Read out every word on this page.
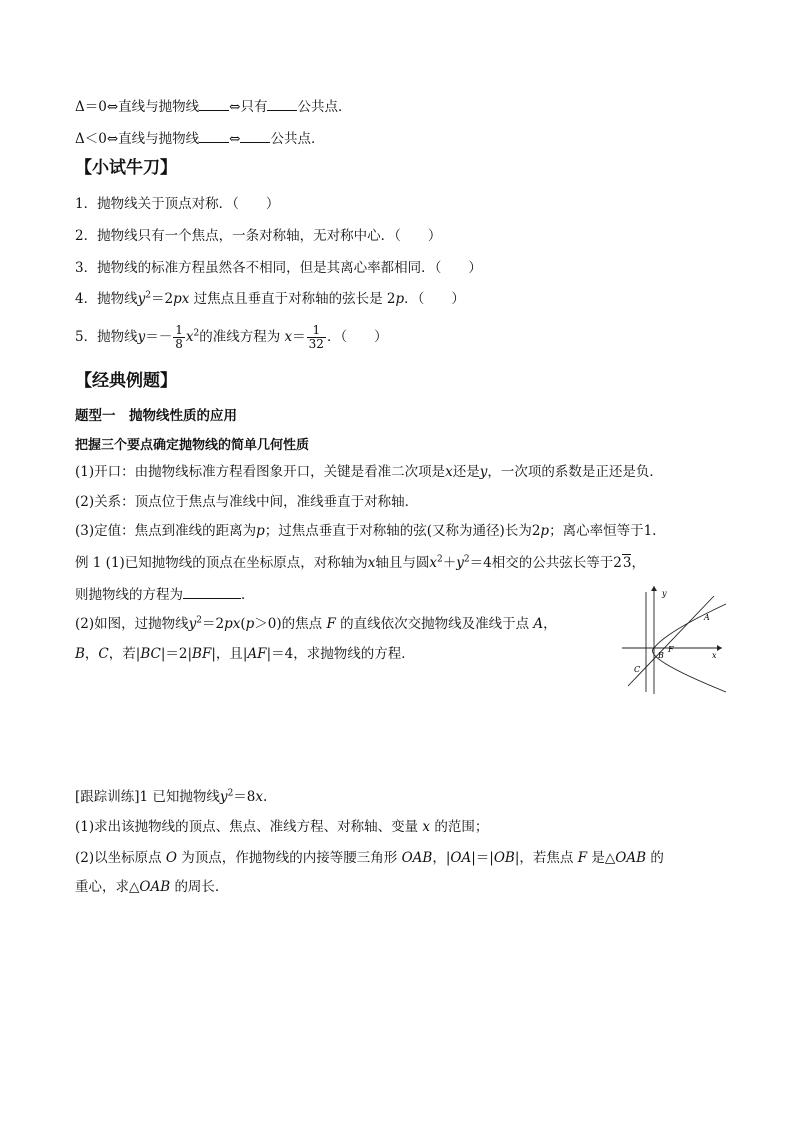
Δ＝0⇔直线与抛物线 ⇔只有 公共点．
Δ＜0⇔直线与抛物线 ⇔ 公共点．
【小试牛刀】
1．抛物线关于顶点对称．（　　）
2．抛物线只有一个焦点，一条对称轴，无对称中心．（　　）
3．抛物线的标准方程虽然各不相同，但是其离心率都相同．（　　）
4．抛物线$y^2=2px$ 过焦点且垂直于对称轴的弦长是 2p．（　　）
5．抛物线$y=- \frac{1}{8} x^2$的准线方程为 $x= \frac{1}{32}$ ．（　　）
【经典例题】
题型一　抛物线性质的应用
把握三个要点确定抛物线的简单几何性质
(1)开口：由抛物线标准方程看图象开口，关键是看准二次项是x还是y，一次项的系数是正还是负．
(2)关系：顶点位于焦点与准线中间，准线垂直于对称轴．
(3)定值：焦点到准线的距离为p；过焦点垂直于对称轴的弦(又称为通径)长为2p；离心率恒等于1.
例 1 (1)已知抛物线的顶点在坐标原点，对称轴为x轴且与圆$x^2+y^2=4$相交的公共弦长等于23，
则抛物线的方程为	．
(2)如图，过抛物线$y^2=2px(p>0)$的焦点 F 的直线依次交抛物线及准线于点 A，
B，C，若|BC|＝2|BF|，且|AF|＝4，求抛物线的方程．
y
x
A
B
F
C
[跟踪训练]1 已知抛物线$y^2=8x$.
(1)求出该抛物线的顶点、焦点、准线方程、对称轴、变量 x 的范围；
(2)以坐标原点 O 为顶点，作抛物线的内接等腰三角形 OAB，|OA|＝|OB|，若焦点 F 是△OAB 的
重心，求△OAB 的周长．
